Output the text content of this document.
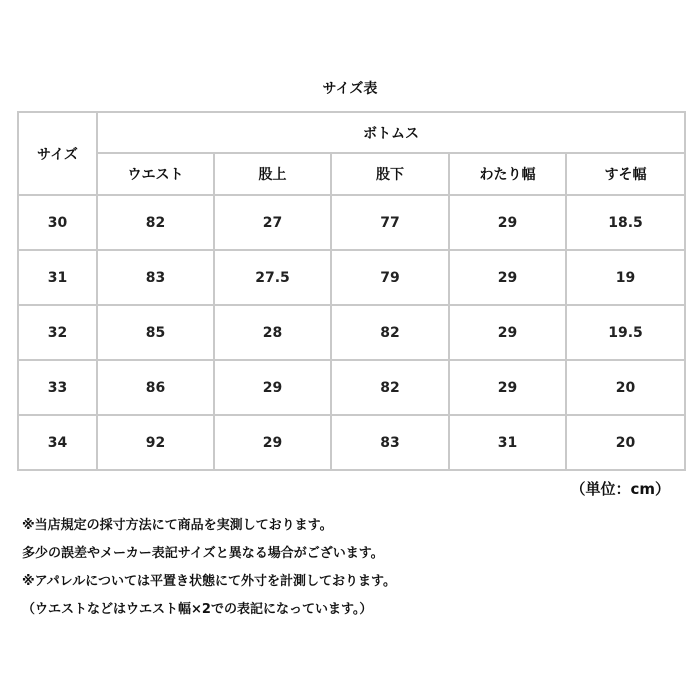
サイズ表
サイズ	ボトムス				
	ウエスト	股上	股下	わたり幅	すそ幅
30	82	27	77	29	18.5
31	83	27.5	79	29	19
32	85	28	82	29	19.5
33	86	29	82	29	20
34	92	29	83	31	20
（単位：cm）
※当店規定の採寸方法にて商品を実測しております。
多少の誤差やメーカー表記サイズと異なる場合がございます。
※アパレルについては平置き状態にて外寸を計測しております。
（ウエストなどはウエスト幅×2での表記になっています。）
